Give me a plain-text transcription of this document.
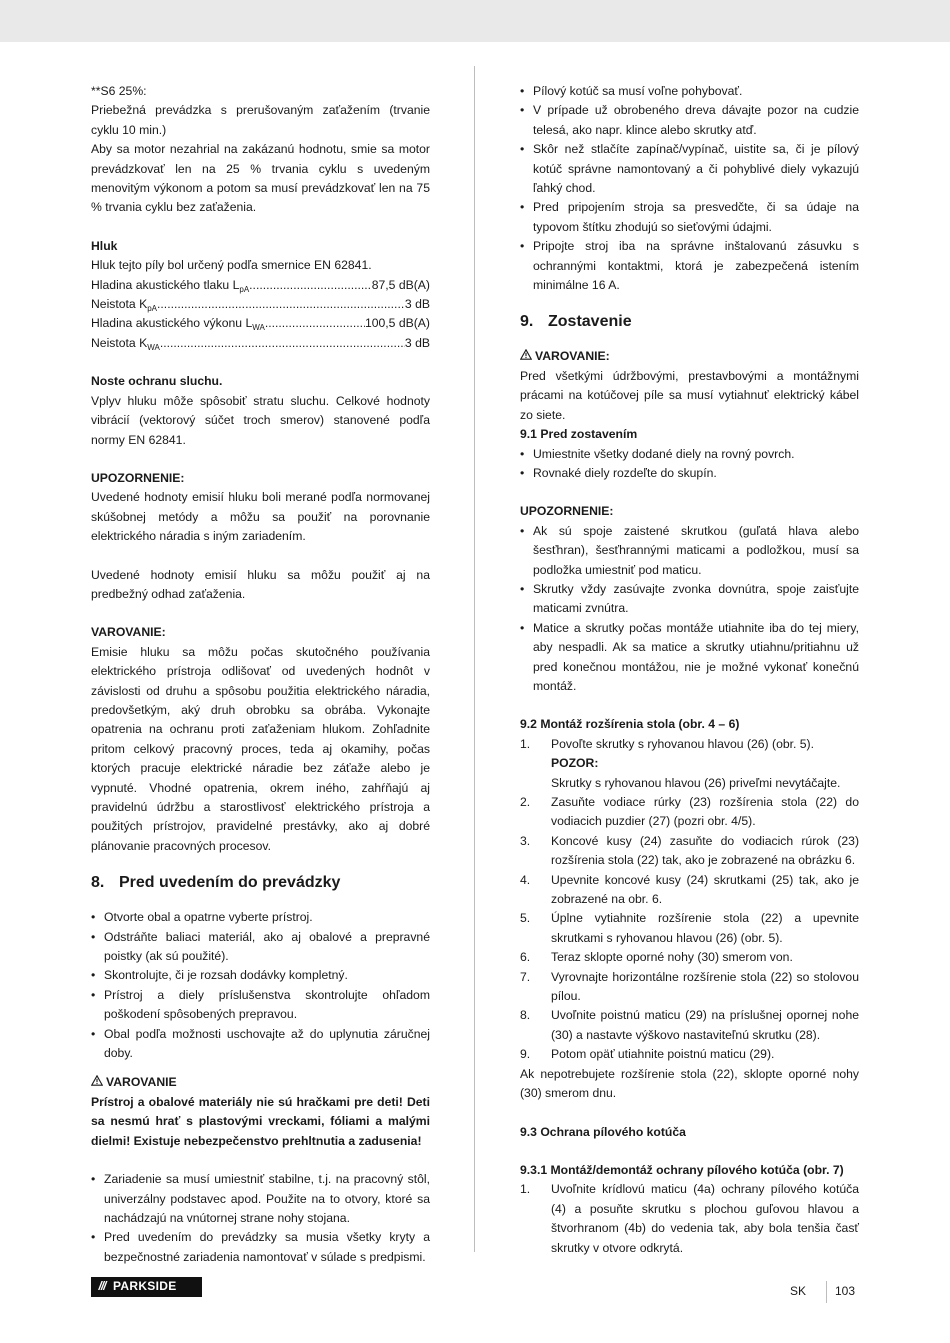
**S6 25%:

Priebežná prevádzka s prerušovaným zaťažením (trvanie cyklu 10 min.)

Aby sa motor nezahrial na zakázanú hodnotu, smie sa motor prevádzkovať len na 25 % trvania cyklu s uvedeným menovitým výkonom a potom sa musí prevádzkovať len na 75 % trvania cyklu bez zaťaženia.

Hluk

Hluk tejto píly bol určený podľa smernice EN 62841.

Hladina akustického tlaku $L_{pA}$ .....	87,5 dB(A)
Neistota $K_{pA}$ .....	3 dB
Hladina akustického výkonu $L_{WA}$ .....	100,5 dB(A)
Neistota $K_{WA}$ .....	3 dB

Noste ochranu sluchu.

Vplyv hluku môže spôsobiť stratu sluchu. Celkové hodnoty vibrácií (vektorový súčet troch smerov) stanovené podľa normy EN 62841.

UPOZORNENIE:

Uvedené hodnoty emisií hluku boli merané podľa normovanej skúšobnej metódy a môžu sa použiť na porovnanie elektrického náradia s iným zariadením.

Uvedené hodnoty emisií hluku sa môžu použiť aj na predbežný odhad zaťaženia.

VAROVANIE:

Emisie hluku sa môžu počas skutočného používania elektrického prístroja odlišovať od uvedených hodnôt v závislosti od druhu a spôsobu použitia elektrického náradia, predovšetkým, aký druh obrobku sa obrába. Vykonajte opatrenia na ochranu proti zaťaženiam hlukom. Zohľadnite pritom celkový pracovný proces, teda aj okamihy, počas ktorých pracuje elektrické náradie bez záťaže alebo je vypnuté. Vhodné opatrenia, okrem iného, zahŕňajú aj pravidelnú údržbu a starostlivosť elektrického prístroja a použitých prístrojov, pravidelné prestávky, ako aj dobré plánovanie pracovných procesov.

8. Pred uvedením do prevádzky
• Otvorte obal a opatrne vyberte prístroj.
• Odstráňte baliaci materiál, ako aj obalové a prepravné poistky (ak sú použité).
• Skontrolujte, či je rozsah dodávky kompletný.
• Prístroj a diely príslušenstva skontrolujte ohľadom poškodení spôsobených prepravou.
• Obal podľa možnosti uschovajte až do uplynutia záručnej doby.

VAROVANIE

Prístroj a obalové materiály nie sú hračkami pre deti! Deti sa nesmú hrať s plastovými vreckami, fóliami a malými dielmi! Existuje nebezpečenstvo prehltnutia a zadusenia!

• Zariadenie sa musí umiestniť stabilne, t.j. na pracovný stôl, univerzálny podstavec apod. Použite na to otvory, ktoré sa nachádzajú na vnútornej strane nohy stojana.
• Pred uvedením do prevádzky sa musia všetky kryty a bezpečnostné zariadenia namontovať v súlade s predpismi.
• Pílový kotúč sa musí voľne pohybovať.
• V prípade už obrobeného dreva dávajte pozor na cudzie telesá, ako napr. klince alebo skrutky atď.
• Skôr než stlačíte zapínač/vypínač, uistite sa, či je pílový kotúč správne namontovaný a či pohyblivé diely vykazujú ľahký chod.
• Pred pripojením stroja sa presvedčte, či sa údaje na typovom štítku zhodujú so sieťovými údajmi.
• Pripojte stroj iba na správne inštalovanú zásuvku s ochrannými kontaktmi, ktorá je zabezpečená istením minimálne 16 A.
9. Zostavenie

VAROVANIE:

Pred všetkými údržbovými, prestavbovými a montážnymi prácami na kotúčovej píle sa musí vytiahnuť elektrický kábel zo siete.

9.1 Pred zostavením

• Umiestnite všetky dodané diely na rovný povrch.
• Rovnaké diely rozdeľte do skupín.

UPOZORNENIE:

• Ak sú spoje zaistené skrutkou (guľatá hlava alebo šesťhran), šesťhrannými maticami a podložkou, musí sa podložka umiestniť pod maticu.
• Skrutky vždy zasúvajte zvonka dovnútra, spoje zaisťujte maticami zvnútra.
• Matice a skrutky počas montáže utiahnite iba do tej miery, aby nespadli. Ak sa matice a skrutky utiahnu/pritiahnu už pred konečnou montážou, nie je možné vykonať konečnú montáž.

9.2 Montáž rozšírenia stola (obr. 4 – 6)

1.	Povoľte skrutky s ryhovanou hlavou (26) (obr. 5).
POZOR:
Skrutky s ryhovanou hlavou (26) priveľmi nevytáčajte.
2.	Zasuňte vodiace rúrky (23) rozšírenia stola (22) do vodiacich puzdier (27) (pozri obr. 4/5).
3.	Koncové kusy (24) zasuňte do vodiacich rúrok (23) rozšírenia stola (22) tak, ako je zobrazené na obrázku 6.
4.	Upevnite koncové kusy (24) skrutkami (25) tak, ako je zobrazené na obr. 6.
5.	Úplne vytiahnite rozšírenie stola (22) a upevnite skrutkami s ryhovanou hlavou (26) (obr. 5).
6.	Teraz sklopte oporné nohy (30) smerom von.
7.	Vyrovnajte horizontálne rozšírenie stola (22) so stolovou pílou.
8.	Uvoľnite poistnú maticu (29) na príslušnej opornej nohe (30) a nastavte výškovo nastaviteľnú skrutku (28).
9.	Potom opäť utiahnite poistnú maticu (29).

Ak nepotrebujete rozšírenie stola (22), sklopte oporné nohy (30) smerom dnu.

9.3 Ochrana pílového kotúča

9.3.1 Montáž/demontáž ochrany pílového kotúča (obr. 7)

1.	Uvoľnite krídlovú maticu (4a) ochrany pílového kotúča (4) a posuňte skrutku s plochou guľovou hlavou a štvorhranom (4b) do vedenia tak, aby bola tenšia časť skrutky v otvore odkrytá.
/// PARKSIDE	SK	103
